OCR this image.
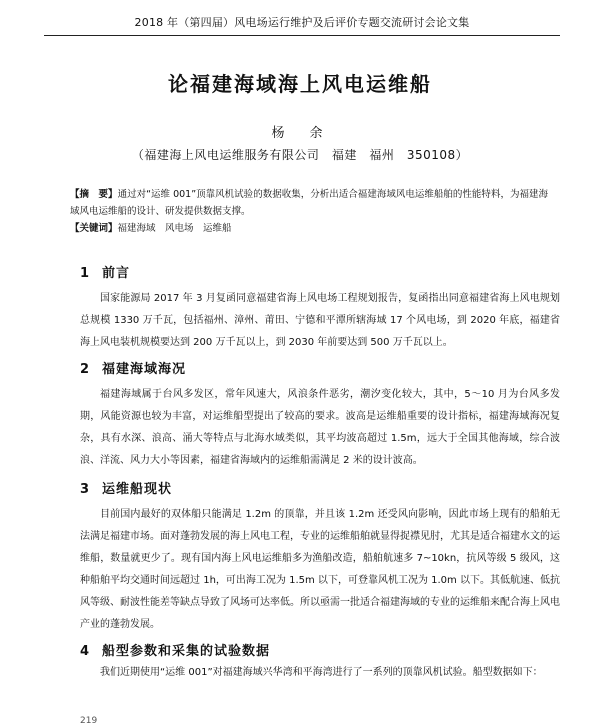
2018 年（第四届）风电场运行维护及后评价专题交流研讨会论文集
论福建海域海上风电运维船
杨　余
（福建海上风电运维服务有限公司　福建　福州　350108）
【摘　要】通过对“运维 001”顶靠风机试验的数据收集，分析出适合福建海域风电运维船舶的性能特料，为福建海域风电运维船的设计、研发提供数据支撑。
【关键词】福建海域　风电场　运维船
1 前言
国家能源局 2017 年 3 月复函同意福建省海上风电场工程规划报告，复函指出同意福建省海上风电规划总规模 1330 万千瓦，包括福州、漳州、莆田、宁德和平潭所辖海域 17 个风电场，到 2020 年底，福建省海上风电装机规模要达到 200 万千瓦以上，到 2030 年前要达到 500 万千瓦以上。
2 福建海域海况
福建海域属于台风多发区，常年风速大，风浪条件恶劣，潮汐变化较大，其中，5～10 月为台风多发期，风能资源也较为丰富，对运维船型提出了较高的要求。波高是运维船重要的设计指标，福建海域海况复杂，具有水深、浪高、涌大等特点与北海水域类似，其平均波高超过 1.5m，远大于全国其他海域，综合波浪、洋流、风力大小等因素，福建省海域内的运维船需满足 2 米的设计波高。
3 运维船现状
目前国内最好的双体船只能满足 1.2m 的顶靠，并且该 1.2m 还受风向影响，因此市场上现有的船舶无法满足福建市场。面对蓬勃发展的海上风电工程，专业的运维船舶就显得捉襟见肘，尤其是适合福建水文的运维船，数量就更少了。现有国内海上风电运维船多为渔船改造，船舶航速多 7~10kn，抗风等级 5 级风，这种船舶平均交通时间远超过 1h，可出海工况为 1.5m 以下，可登靠风机工况为 1.0m 以下。其低航速、低抗风等级、耐波性能差等缺点导致了风场可达率低。所以亟需一批适合福建海域的专业的运维船来配合海上风电产业的蓬勃发展。
4 船型参数和采集的试验数据
我们近期使用“运维 001”对福建海域兴华湾和平海湾进行了一系列的顶靠风机试验。船型数据如下：
219
